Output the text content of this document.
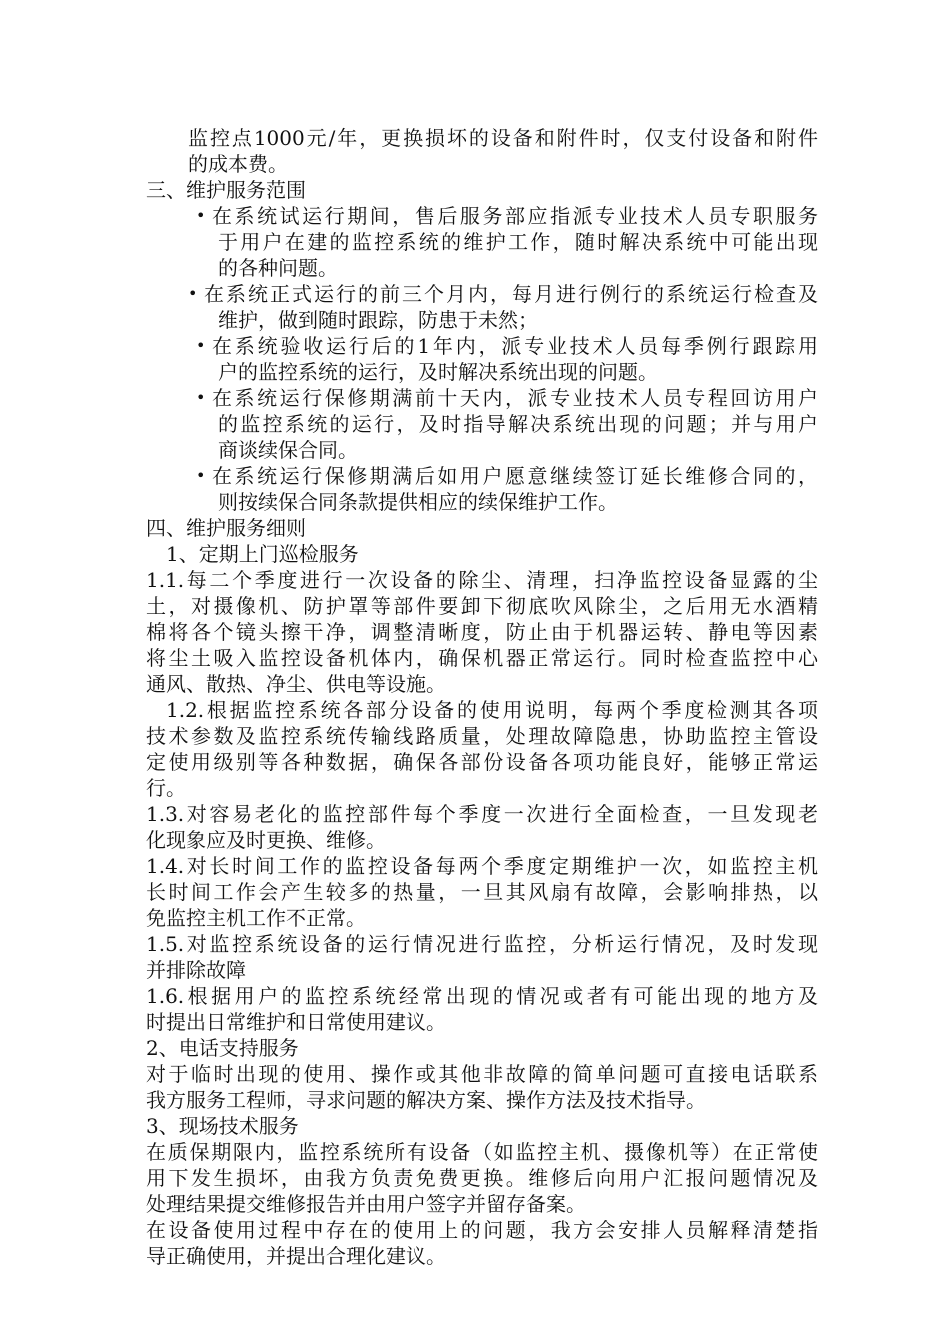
监控点1000元/年，更换损坏的设备和附件时，仅支付设备和附件
的成本费。
三、维护服务范围
• 在系统试运行期间，售后服务部应指派专业技术人员专职服务
于用户在建的监控系统的维护工作，随时解决系统中可能出现
的各种问题。
• 在系统正式运行的前三个月内，每月进行例行的系统运行检查及
维护，做到随时跟踪，防患于未然；
• 在系统验收运行后的1年内，派专业技术人员每季例行跟踪用
户的监控系统的运行，及时解决系统出现的问题。
• 在系统运行保修期满前十天内，派专业技术人员专程回访用户
的监控系统的运行，及时指导解决系统出现的问题；并与用户
商谈续保合同。
• 在系统运行保修期满后如用户愿意继续签订延长维修合同的，
则按续保合同条款提供相应的续保维护工作。
四、维护服务细则
1、定期上门巡检服务
1.1.每二个季度进行一次设备的除尘、清理，扫净监控设备显露的尘
土，对摄像机、防护罩等部件要卸下彻底吹风除尘，之后用无水酒精
棉将各个镜头擦干净，调整清晰度，防止由于机器运转、静电等因素
将尘土吸入监控设备机体内，确保机器正常运行。同时检查监控中心
通风、散热、净尘、供电等设施。
1.2.根据监控系统各部分设备的使用说明，每两个季度检测其各项
技术参数及监控系统传输线路质量，处理故障隐患，协助监控主管设
定使用级别等各种数据，确保各部份设备各项功能良好，能够正常运
行。
1.3.对容易老化的监控部件每个季度一次进行全面检查，一旦发现老
化现象应及时更换、维修。
1.4.对长时间工作的监控设备每两个季度定期维护一次，如监控主机
长时间工作会产生较多的热量，一旦其风扇有故障，会影响排热，以
免监控主机工作不正常。
1.5.对监控系统设备的运行情况进行监控，分析运行情况，及时发现
并排除故障
1.6.根据用户的监控系统经常出现的情况或者有可能出现的地方及
时提出日常维护和日常使用建议。
2、电话支持服务
对于临时出现的使用、操作或其他非故障的简单问题可直接电话联系
我方服务工程师，寻求问题的解决方案、操作方法及技术指导。
3、现场技术服务
在质保期限内，监控系统所有设备（如监控主机、摄像机等）在正常使
用下发生损坏，由我方负责免费更换。维修后向用户汇报问题情况及
处理结果提交维修报告并由用户签字并留存备案。
在设备使用过程中存在的使用上的问题，我方会安排人员解释清楚指
导正确使用，并提出合理化建议。
